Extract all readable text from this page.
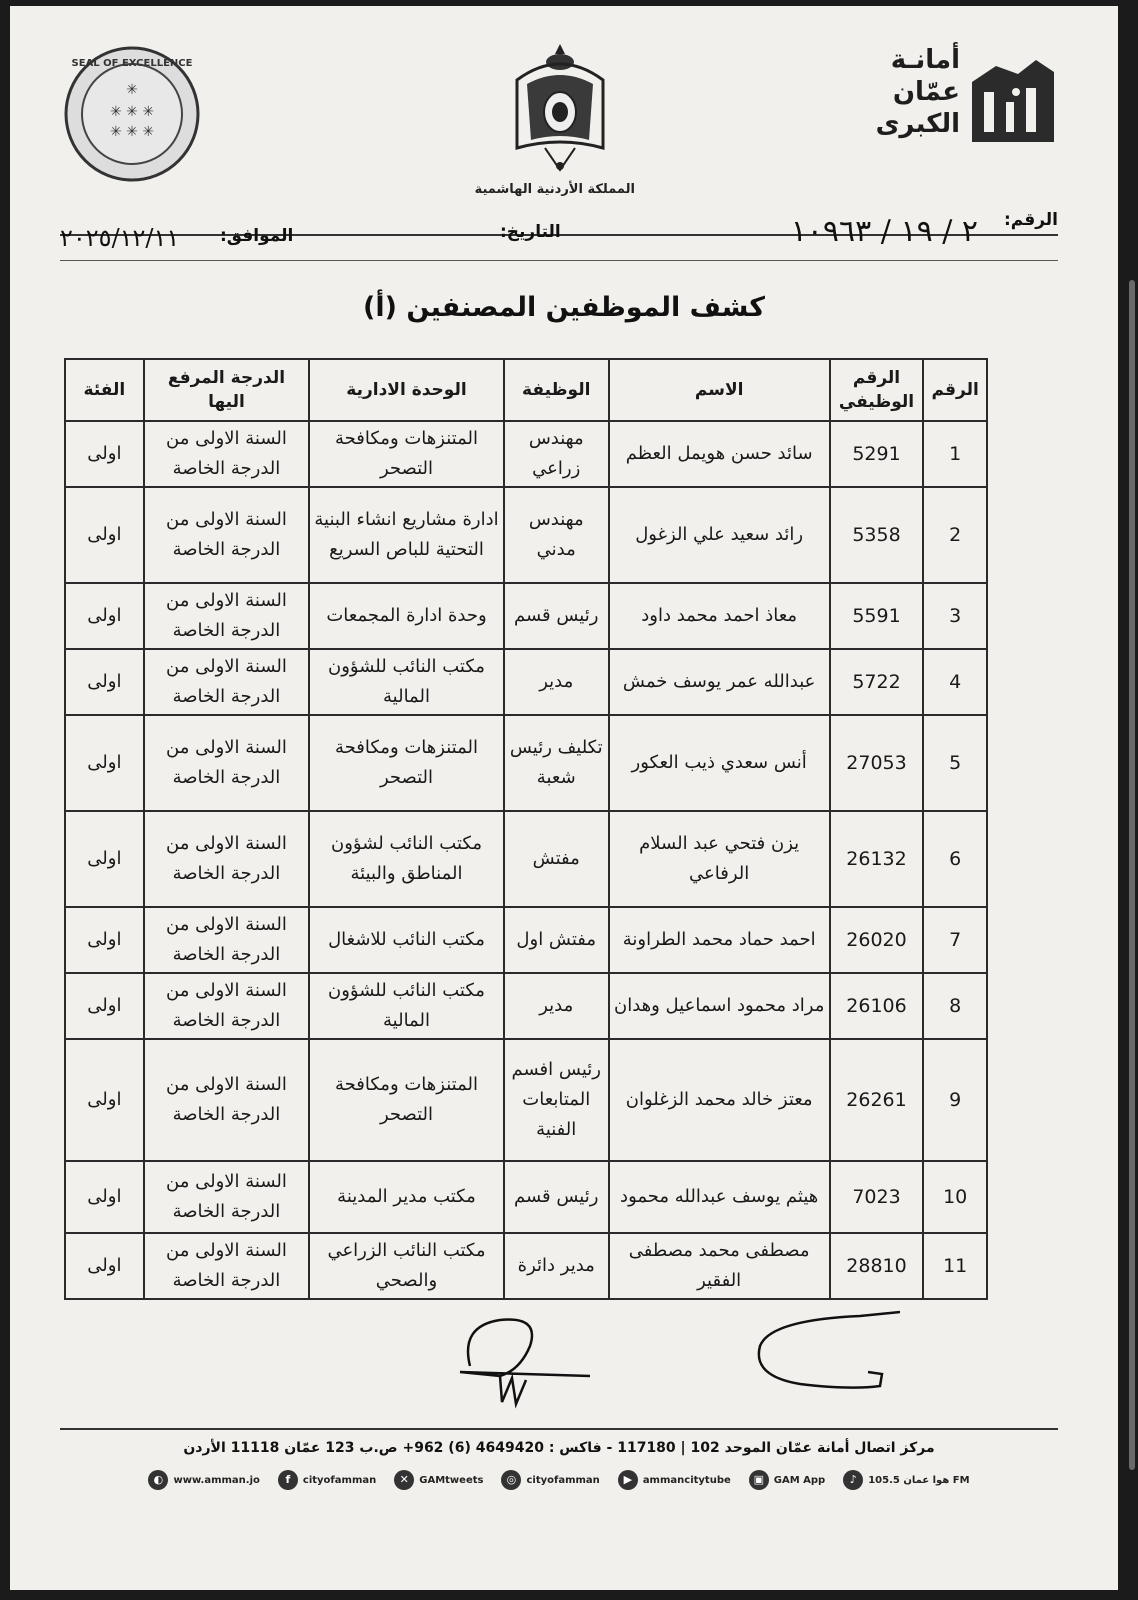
أمانـة
عمّان
الكبرى
المملكة الأردنية الهاشمية
SEAL OF EXCELLENCE
✳
✳ ✳ ✳
✳ ✳ ✳
الرقم:
٢ / ١٩ / ١٠٩٦٣
التاريخ:
الموافق:
٢٠٢٥/١٢/١١
كشف الموظفين المصنفين (أ)
الرقم	الرقم الوظيفي	الاسم	الوظيفة	الوحدة الادارية	الدرجة المرفع اليها	الفئة
1	5291	سائد حسن هويمل العظم	مهندس زراعي	المتنزهات ومكافحة التصحر	السنة الاولى من الدرجة الخاصة	اولى
2	5358	رائد سعيد علي الزغول	مهندس مدني	ادارة مشاريع انشاء البنية التحتية للباص السريع	السنة الاولى من الدرجة الخاصة	اولى
3	5591	معاذ احمد محمد داود	رئيس قسم	وحدة ادارة المجمعات	السنة الاولى من الدرجة الخاصة	اولى
4	5722	عبدالله عمر يوسف خمش	مدير	مكتب النائب للشؤون المالية	السنة الاولى من الدرجة الخاصة	اولى
5	27053	أنس سعدي ذيب العكور	تكليف رئيس شعبة	المتنزهات ومكافحة التصحر	السنة الاولى من الدرجة الخاصة	اولى
6	26132	يزن فتحي عبد السلام الرفاعي	مفتش	مكتب النائب لشؤون المناطق والبيئة	السنة الاولى من الدرجة الخاصة	اولى
7	26020	احمد حماد محمد الطراونة	مفتش اول	مكتب النائب للاشغال	السنة الاولى من الدرجة الخاصة	اولى
8	26106	مراد محمود اسماعيل وهدان	مدير	مكتب النائب للشؤون المالية	السنة الاولى من الدرجة الخاصة	اولى
9	26261	معتز خالد محمد الزغلوان	رئيس افسم المتابعات الفنية	المتنزهات ومكافحة التصحر	السنة الاولى من الدرجة الخاصة	اولى
10	7023	هيثم يوسف عبدالله محمود	رئيس قسم	مكتب مدير المدينة	السنة الاولى من الدرجة الخاصة	اولى
11	28810	مصطفى محمد مصطفى الفقير	مدير دائرة	مكتب النائب الزراعي والصحي	السنة الاولى من الدرجة الخاصة	اولى
مركز اتصال أمانة عمّان الموحد 102 | 117180 - فاكس : 4649420 (6) 962+ ص.ب 123 عمّان 11118 الأردن
♪	هوا عمان 105.5 FM
▣ GAM App
▶	ammancitytube
◎	cityofamman
✕	GAMtweets
f	cityofamman
◐	www.amman.jo
